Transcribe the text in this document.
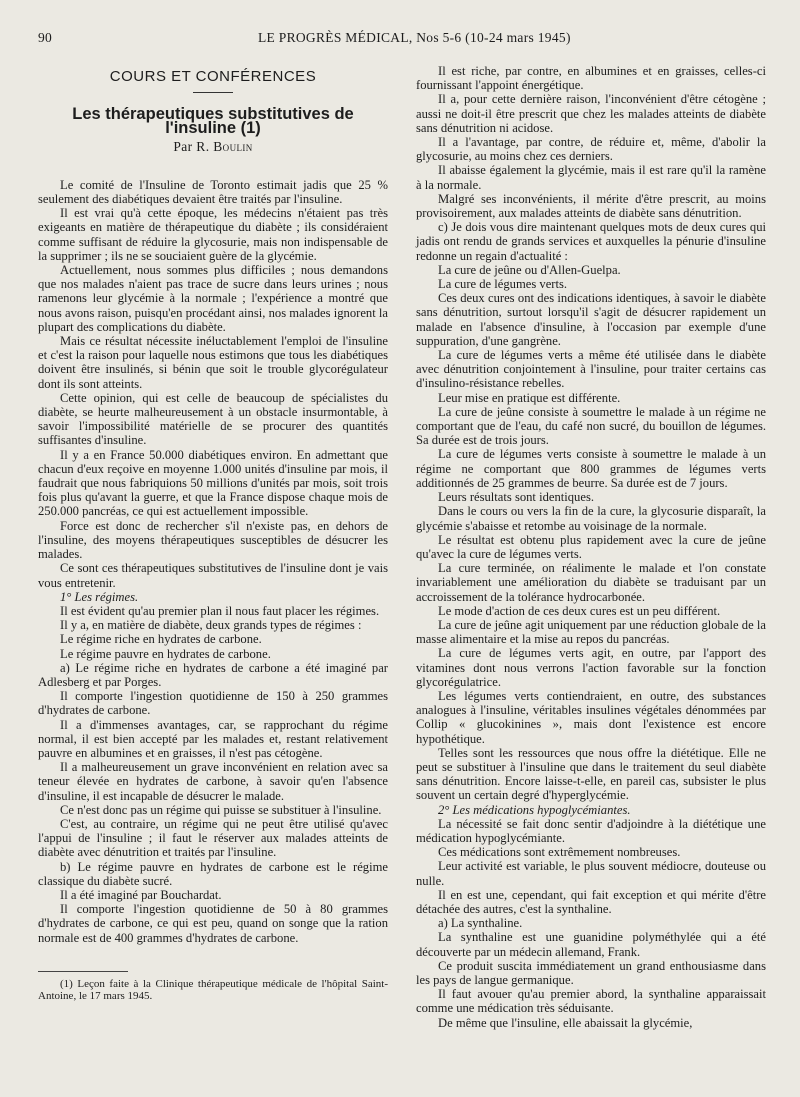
90	LE PROGRÈS MÉDICAL, Nos 5-6 (10-24 mars 1945)
COURS ET CONFÉRENCES
Les thérapeutiques substitutives de l'insuline (1)
Par R. Boulin

Le comité de l'Insuline de Toronto estimait jadis que 25 % seulement des diabétiques devaient être traités par l'insuline.

Il est vrai qu'à cette époque, les médecins n'étaient pas très exigeants en matière de thérapeutique du diabète ; ils considéraient comme suffisant de réduire la glycosurie, mais non indispensable de la supprimer ; ils ne se souciaient guère de la glycémie.

Actuellement, nous sommes plus difficiles ; nous demandons que nos malades n'aient pas trace de sucre dans leurs urines ; nous ramenons leur glycémie à la normale ; l'expérience a montré que nous avons raison, puisqu'en procédant ainsi, nos malades ignorent la plupart des complications du diabète.

Mais ce résultat nécessite inéluctablement l'emploi de l'insuline et c'est la raison pour laquelle nous estimons que tous les diabétiques doivent être insulinés, si bénin que soit le trouble glycorégulateur dont ils sont atteints.

Cette opinion, qui est celle de beaucoup de spécialistes du diabète, se heurte malheureusement à un obstacle insurmontable, à savoir l'impossibilité matérielle de se procurer des quantités suffisantes d'insuline.

Il y a en France 50.000 diabétiques environ. En admettant que chacun d'eux reçoive en moyenne 1.000 unités d'insuline par mois, il faudrait que nous fabriquions 50 millions d'unités par mois, soit trois fois plus qu'avant la guerre, et que la France dispose chaque mois de 250.000 pancréas, ce qui est actuellement impossible.

Force est donc de rechercher s'il n'existe pas, en dehors de l'insuline, des moyens thérapeutiques susceptibles de désucrer les malades.

Ce sont ces thérapeutiques substitutives de l'insuline dont je vais vous entretenir.

1° Les régimes.

Il est évident qu'au premier plan il nous faut placer les régimes.

Il y a, en matière de diabète, deux grands types de régimes :

Le régime riche en hydrates de carbone.

Le régime pauvre en hydrates de carbone.

a) Le régime riche en hydrates de carbone a été imaginé par Adlesberg et par Porges.

Il comporte l'ingestion quotidienne de 150 à 250 grammes d'hydrates de carbone.

Il a d'immenses avantages, car, se rapprochant du régime normal, il est bien accepté par les malades et, restant relativement pauvre en albumines et en graisses, il n'est pas cétogène.

Il a malheureusement un grave inconvénient en relation avec sa teneur élevée en hydrates de carbone, à savoir qu'en l'absence d'insuline, il est incapable de désucrer le malade.

Ce n'est donc pas un régime qui puisse se substituer à l'insuline.

C'est, au contraire, un régime qui ne peut être utilisé qu'avec l'appui de l'insuline ; il faut le réserver aux malades atteints de diabète avec dénutrition et traités par l'insuline.

b) Le régime pauvre en hydrates de carbone est le régime classique du diabète sucré.

Il a été imaginé par Bouchardat.

Il comporte l'ingestion quotidienne de 50 à 80 grammes d'hydrates de carbone, ce qui est peu, quand on songe que la ration normale est de 400 grammes d'hydrates de carbone.

(1) Leçon faite à la Clinique thérapeutique médicale de l'hôpital Saint-Antoine, le 17 mars 1945.

Il est riche, par contre, en albumines et en graisses, celles-ci fournissant l'appoint énergétique.

Il a, pour cette dernière raison, l'inconvénient d'être cétogène ; aussi ne doit-il être prescrit que chez les malades atteints de diabète sans dénutrition ni acidose.

Il a l'avantage, par contre, de réduire et, même, d'abolir la glycosurie, au moins chez ces derniers.

Il abaisse également la glycémie, mais il est rare qu'il la ramène à la normale.

Malgré ses inconvénients, il mérite d'être prescrit, au moins provisoirement, aux malades atteints de diabète sans dénutrition.

c) Je dois vous dire maintenant quelques mots de deux cures qui jadis ont rendu de grands services et auxquelles la pénurie d'insuline redonne un regain d'actualité :

La cure de jeûne ou d'Allen-Guelpa.

La cure de légumes verts.

Ces deux cures ont des indications identiques, à savoir le diabète sans dénutrition, surtout lorsqu'il s'agit de désucrer rapidement un malade en l'absence d'insuline, à l'occasion par exemple d'une suppuration, d'une gangrène.

La cure de légumes verts a même été utilisée dans le diabète avec dénutrition conjointement à l'insuline, pour traiter certains cas d'insulino-résistance rebelles.

Leur mise en pratique est différente.

La cure de jeûne consiste à soumettre le malade à un régime ne comportant que de l'eau, du café non sucré, du bouillon de légumes. Sa durée est de trois jours.

La cure de légumes verts consiste à soumettre le malade à un régime ne comportant que 800 grammes de légumes verts additionnés de 25 grammes de beurre. Sa durée est de 7 jours.

Leurs résultats sont identiques.

Dans le cours ou vers la fin de la cure, la glycosurie disparaît, la glycémie s'abaisse et retombe au voisinage de la normale.

Le résultat est obtenu plus rapidement avec la cure de jeûne qu'avec la cure de légumes verts.

La cure terminée, on réalimente le malade et l'on constate invariablement une amélioration du diabète se traduisant par un accroissement de la tolérance hydrocarbonée.

Le mode d'action de ces deux cures est un peu différent.

La cure de jeûne agit uniquement par une réduction globale de la masse alimentaire et la mise au repos du pancréas.

La cure de légumes verts agit, en outre, par l'apport des vitamines dont nous verrons l'action favorable sur la fonction glycorégulatrice.

Les légumes verts contiendraient, en outre, des substances analogues à l'insuline, véritables insulines végétales dénommées par Collip « glucokinines », mais dont l'existence est encore hypothétique.

Telles sont les ressources que nous offre la diététique. Elle ne peut se substituer à l'insuline que dans le traitement du seul diabète sans dénutrition. Encore laisse-t-elle, en pareil cas, subsister le plus souvent un certain degré d'hyperglycémie.

2° Les médications hypoglycémiantes.

La nécessité se fait donc sentir d'adjoindre à la diététique une médication hypoglycémiante.

Ces médications sont extrêmement nombreuses.

Leur activité est variable, le plus souvent médiocre, douteuse ou nulle.

Il en est une, cependant, qui fait exception et qui mérite d'être détachée des autres, c'est la synthaline.

a) La synthaline.

La synthaline est une guanidine polyméthylée qui a été découverte par un médecin allemand, Frank.

Ce produit suscita immédiatement un grand enthousiasme dans les pays de langue germanique.

Il faut avouer qu'au premier abord, la synthaline apparaissait comme une médication très séduisante.

De même que l'insuline, elle abaissait la glycémie,
